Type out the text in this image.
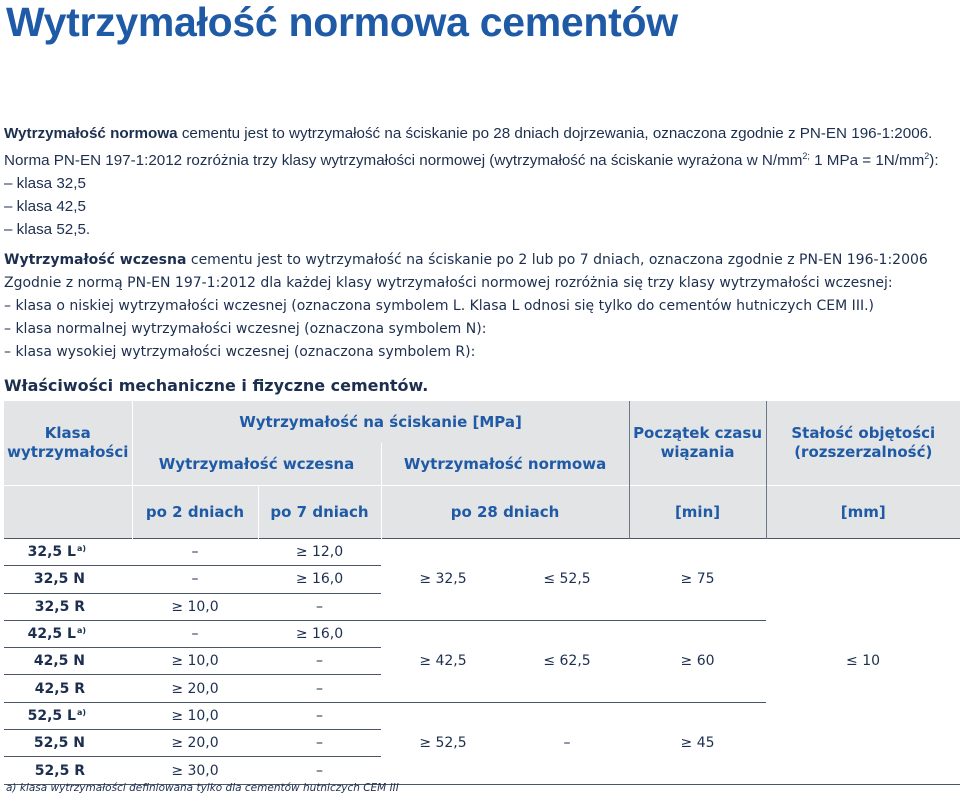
Wytrzymałość normowa cementów

Wytrzymałość normowa cementu jest to wytrzymałość na ściskanie po 28 dniach dojrzewania, oznaczona zgodnie z PN-EN 196-1:2006.

Norma PN-EN 197-1:2012 rozróżnia trzy klasy wytrzymałości normowej (wytrzymałość na ściskanie wyrażona w $N/mm^{2;}$ 1 MPa = $1N/mm^2$):

– klasa 32,5

– klasa 42,5

– klasa 52,5.

Wytrzymałość wczesna cementu jest to wytrzymałość na ściskanie po 2 lub po 7 dniach, oznaczona zgodnie z PN-EN 196-1:2006

Zgodnie z normą PN-EN 197-1:2012 dla każdej klasy wytrzymałości normowej rozróżnia się trzy klasy wytrzymałości wczesnej:

– klasa o niskiej wytrzymałości wczesnej (oznaczona symbolem L. Klasa L odnosi się tylko do cementów hutniczych CEM III.)

– klasa normalnej wytrzymałości wczesnej (oznaczona symbolem N):

– klasa wysokiej wytrzymałości wczesnej (oznaczona symbolem R):

Właściwości mechaniczne i fizyczne cementów.
Klasa wytrzymałości	Wytrzymałość na ściskanie [MPa]				Początek czasu wiązania	Stałość objętości (rozszerzalność)
	Wytrzymałość wczesna		Wytrzymałość normowa			
	po 2 dniach	po 7 dniach	po 28 dniach		[min]	[mm]
32,5 $L^{a)}$	–	≥ 12,0	≥ 32,5	≤ 52,5	≥ 75	≤ 10
32,5 N	–	≥ 16,0				
32,5 R	≥ 10,0	–				
42,5 $L^{a)}$	–	≥ 16,0	≥ 42,5	≤ 62,5	≥ 60	
42,5 N	≥ 10,0	–				
42,5 R	≥ 20,0	–				
52,5 $L^{a)}$	≥ 10,0	–	≥ 52,5	–	≥ 45	
52,5 N	≥ 20,0	–				
52,5 R	≥ 30,0	–				

a) klasa wytrzymałości definiowana tylko dla cementów hutniczych CEM III
